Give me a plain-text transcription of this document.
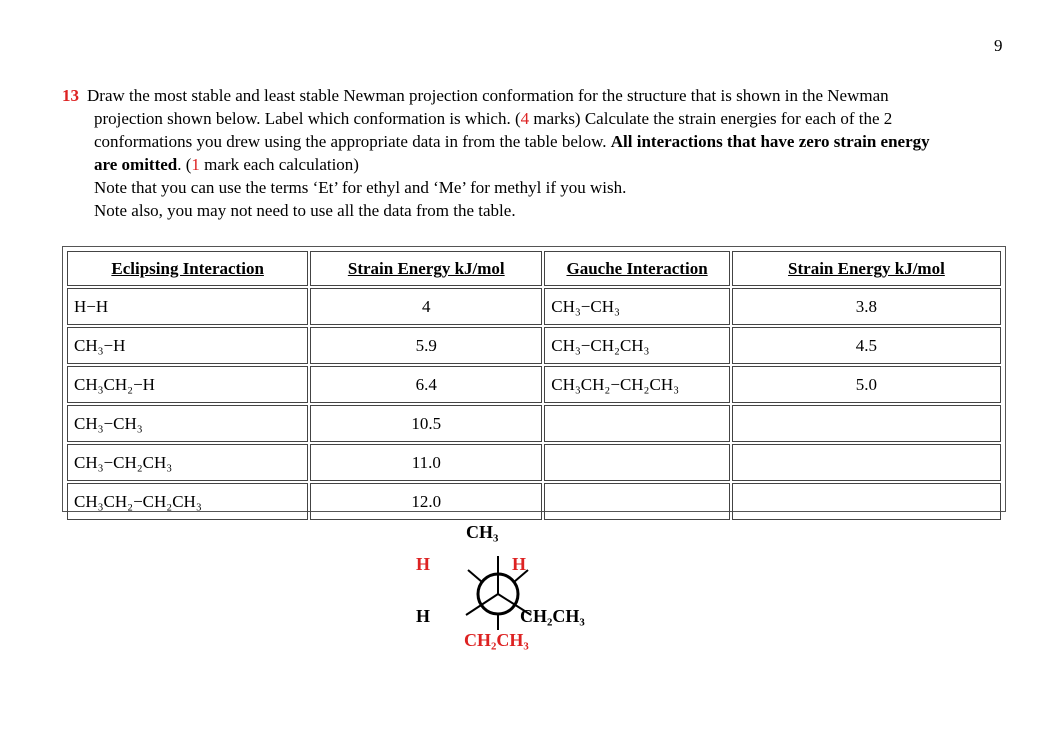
9
13 Draw the most stable and least stable Newman projection conformation for the structure that is shown in the Newman
projection shown below. Label which conformation is which. (4 marks) Calculate the strain energies for each of the 2
conformations you drew using the appropriate data in from the table below. All interactions that have zero strain energy
are omitted. (1 mark each calculation)
Note that you can use the terms ‘Et’ for ethyl and ‘Me’ for methyl if you wish.
Note also, you may not need to use all the data from the table.
Eclipsing Interaction	Strain Energy kJ/mol	Gauche Interaction	Strain Energy kJ/mol
H−H	4	CH₃−CH₃	3.8
CH₃−H	5.9	CH₃−CH₂CH₃	4.5
CH₃CH₂−H	6.4	CH₃CH₂−CH₂CH₃	5.0
CH₃−CH₃	10.5		
CH₃−CH₂CH₃	11.0		
CH₃CH₂−CH₂CH₃	12.0		
CH₃
H	H
H	CH₂CH₃
CH₂CH₃
